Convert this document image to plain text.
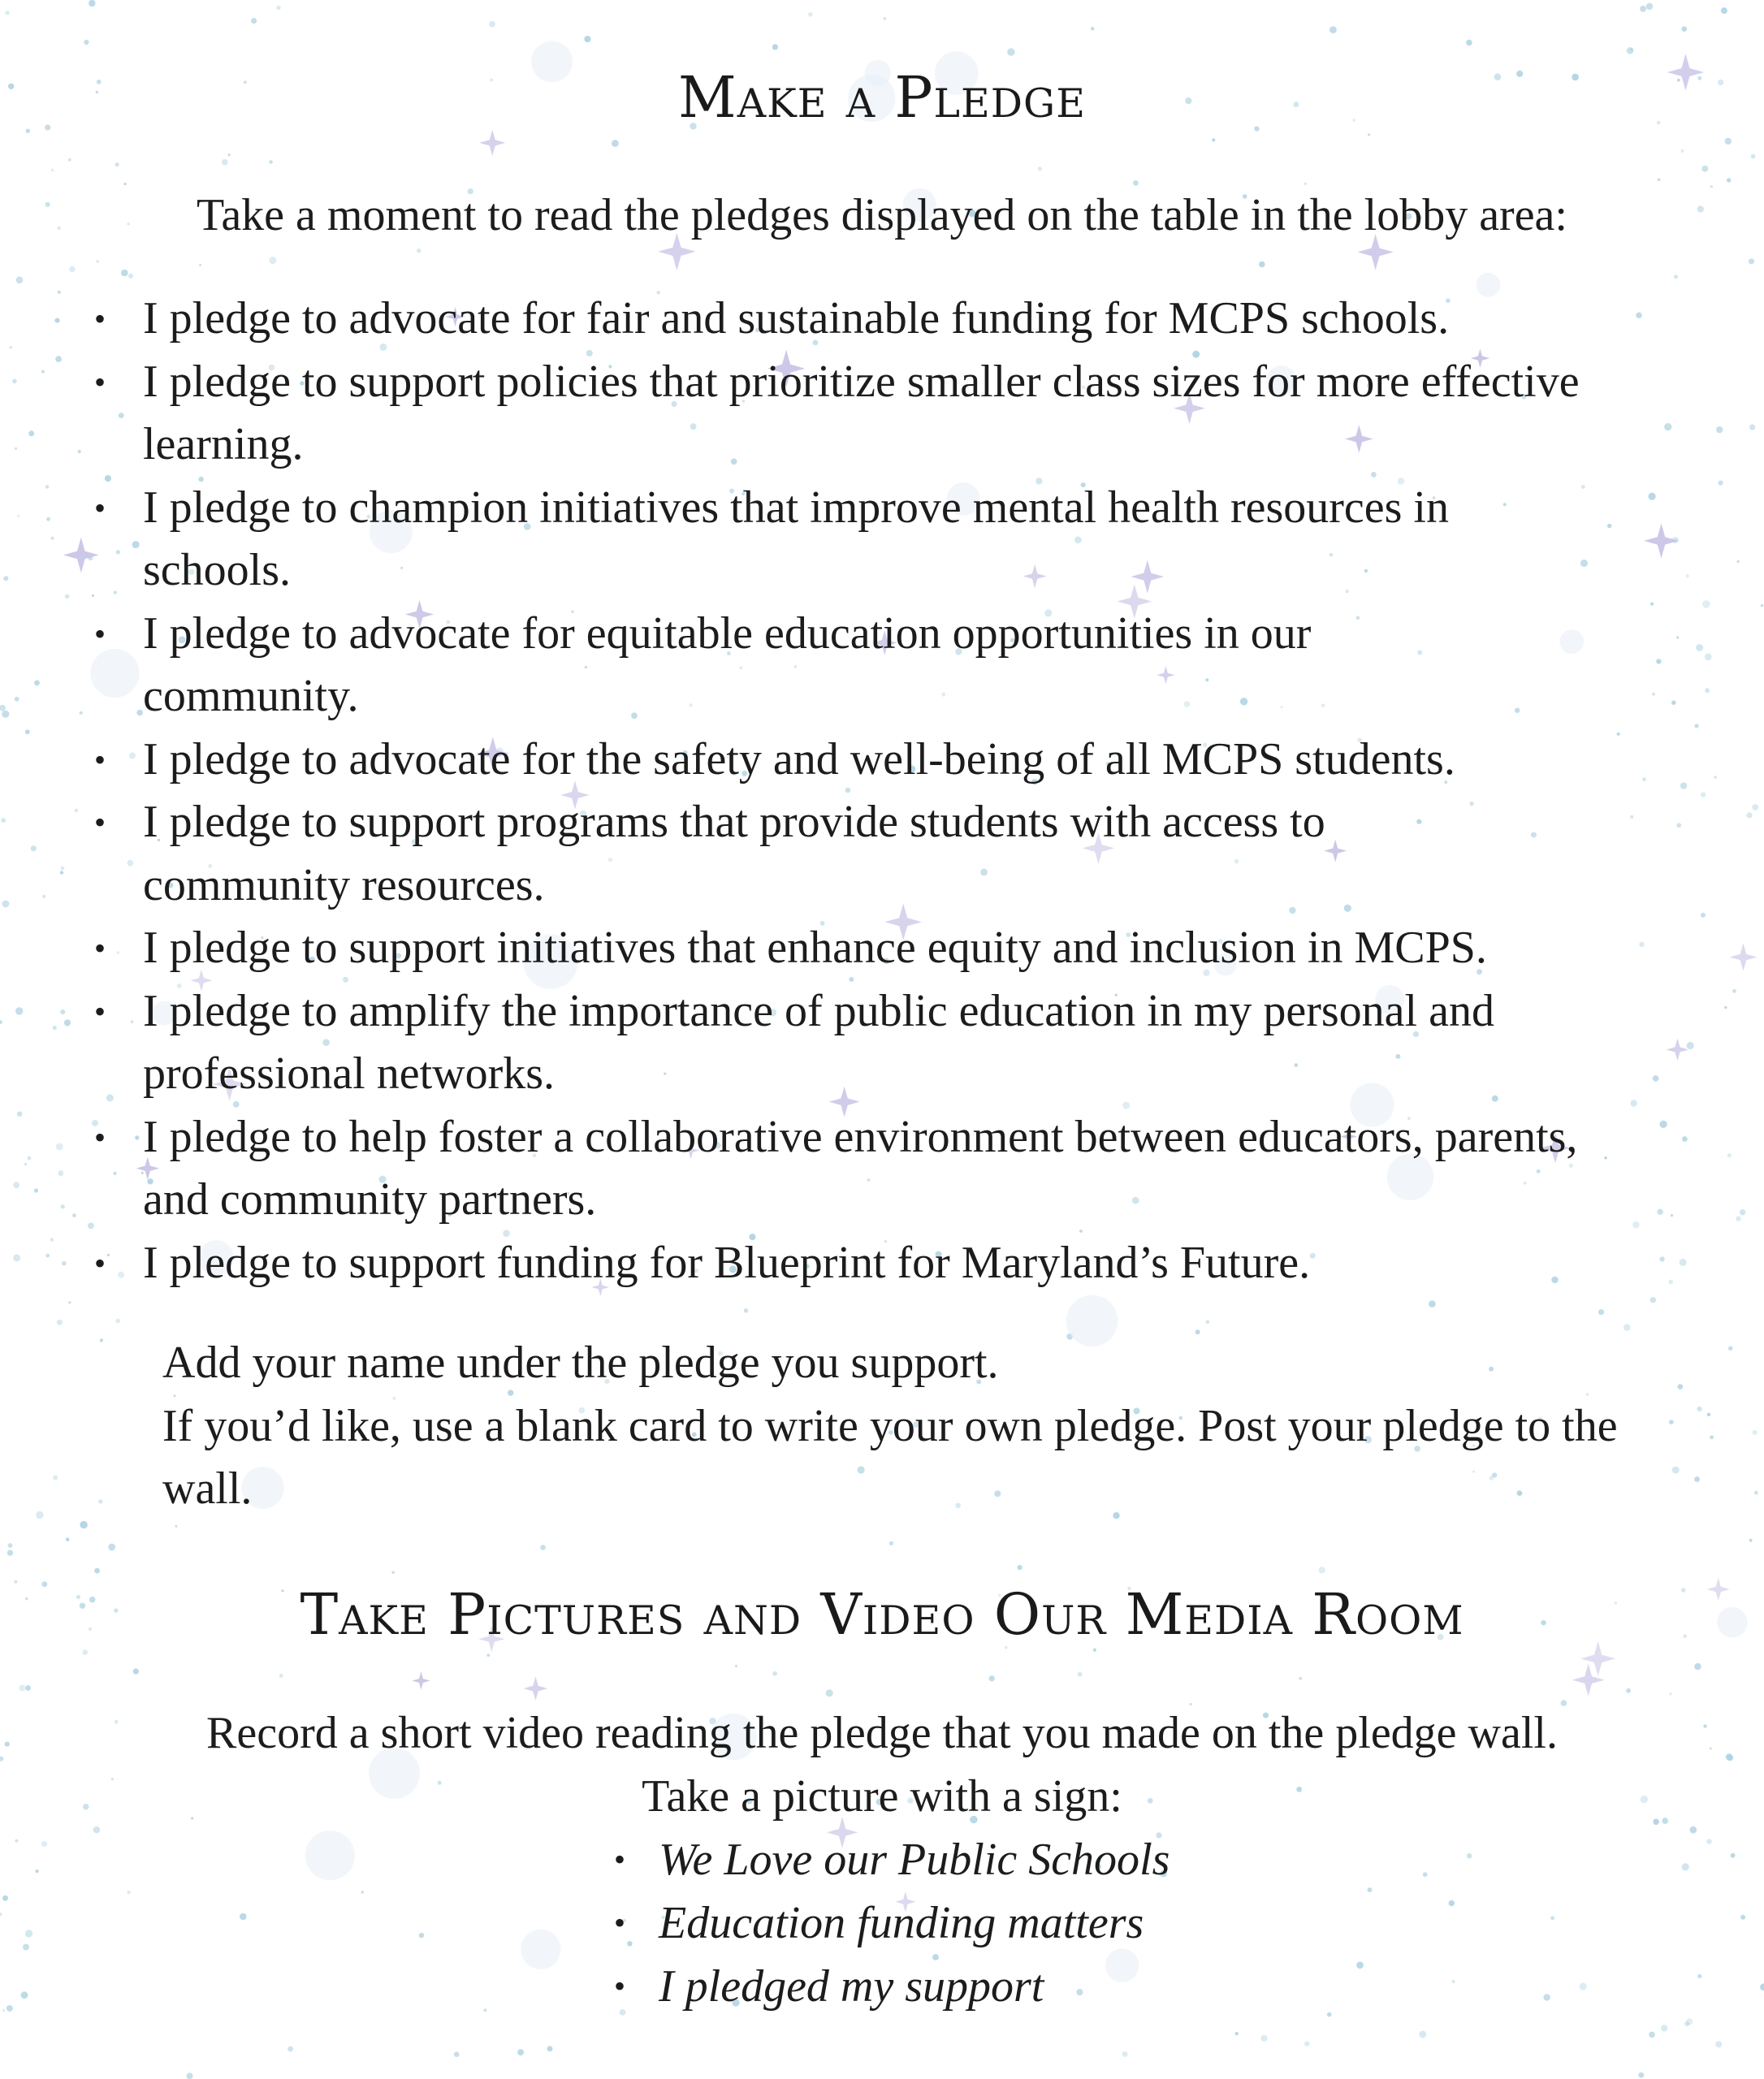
Make a Pledge

Take a moment to read the pledges displayed on the table in the lobby area:

• I pledge to advocate for fair and sustainable funding for MCPS schools.
• I pledge to support policies that prioritize smaller class sizes for more effective learning.
• I pledge to champion initiatives that improve mental health resources in schools.
• I pledge to advocate for equitable education opportunities in our community.
• I pledge to advocate for the safety and well-being of all MCPS students.
• I pledge to support programs that provide students with access to community resources.
• I pledge to support initiatives that enhance equity and inclusion in MCPS.
• I pledge to amplify the importance of public education in my personal and professional networks.
• I pledge to help foster a collaborative environment between educators, parents, and community partners.
• I pledge to support funding for Blueprint for Maryland’s Future.
Add your name under the pledge you support.
If you’d like, use a blank card to write your own pledge. Post your pledge to the wall.
Take Pictures and Video Our Media Room

Record a short video reading the pledge that you made on the pledge wall.

Take a picture with a sign:

• We Love our Public Schools
• Education funding matters
• I pledged my support
